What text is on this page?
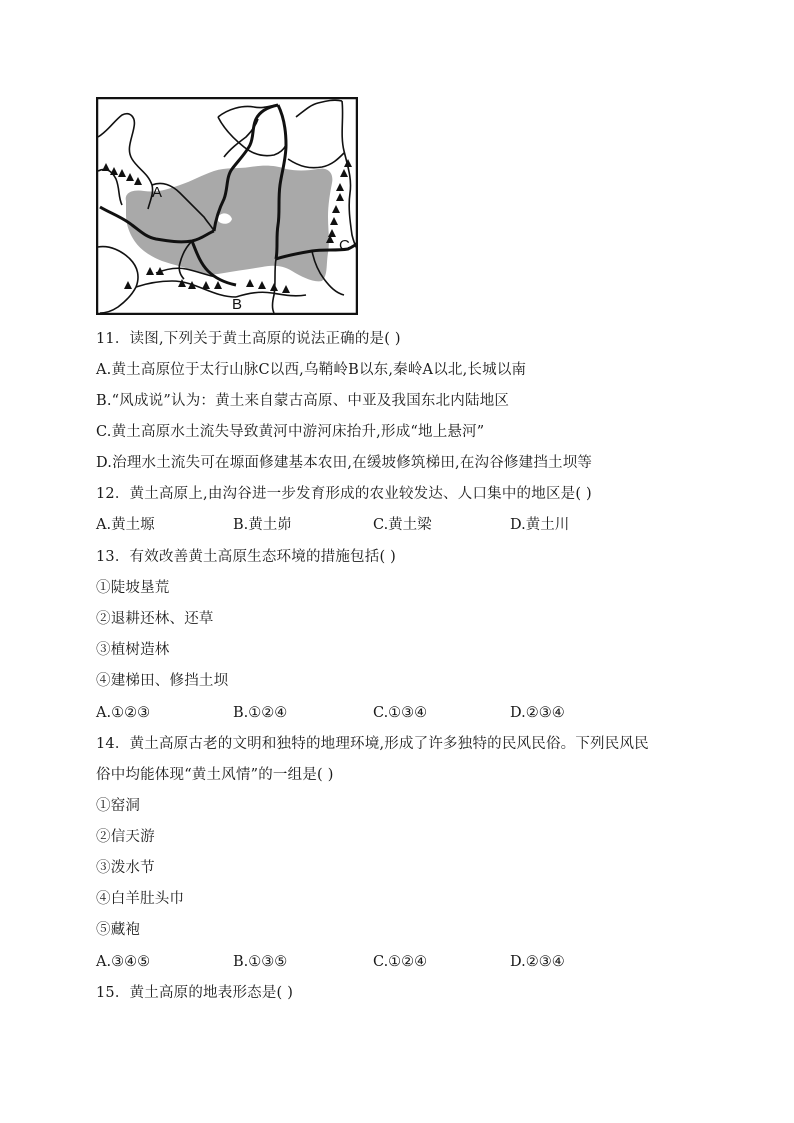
A
B
C
11．读图,下列关于黄土高原的说法正确的是( )
A.黄土高原位于太行山脉C以西,乌鞘岭B以东,秦岭A以北,长城以南
B.“风成说”认为：黄土来自蒙古高原、中亚及我国东北内陆地区
C.黄土高原水土流失导致黄河中游河床抬升,形成“地上悬河”
D.治理水土流失可在塬面修建基本农田,在缓坡修筑梯田,在沟谷修建挡土坝等
12．黄土高原上,由沟谷进一步发育形成的农业较发达、人口集中的地区是( )
A.黄土塬	B.黄土峁	C.黄土梁	D.黄土川
13．有效改善黄土高原生态环境的措施包括( )
①陡坡垦荒
②退耕还林、还草
③植树造林
④建梯田、修挡土坝
A.①②③	B.①②④	C.①③④	D.②③④
14．黄土高原古老的文明和独特的地理环境,形成了许多独特的民风民俗。下列民风民
俗中均能体现“黄土风情”的一组是( )
①窑洞
②信天游
③泼水节
④白羊肚头巾
⑤藏袍
A.③④⑤	B.①③⑤	C.①②④	D.②③④
15．黄土高原的地表形态是( )
